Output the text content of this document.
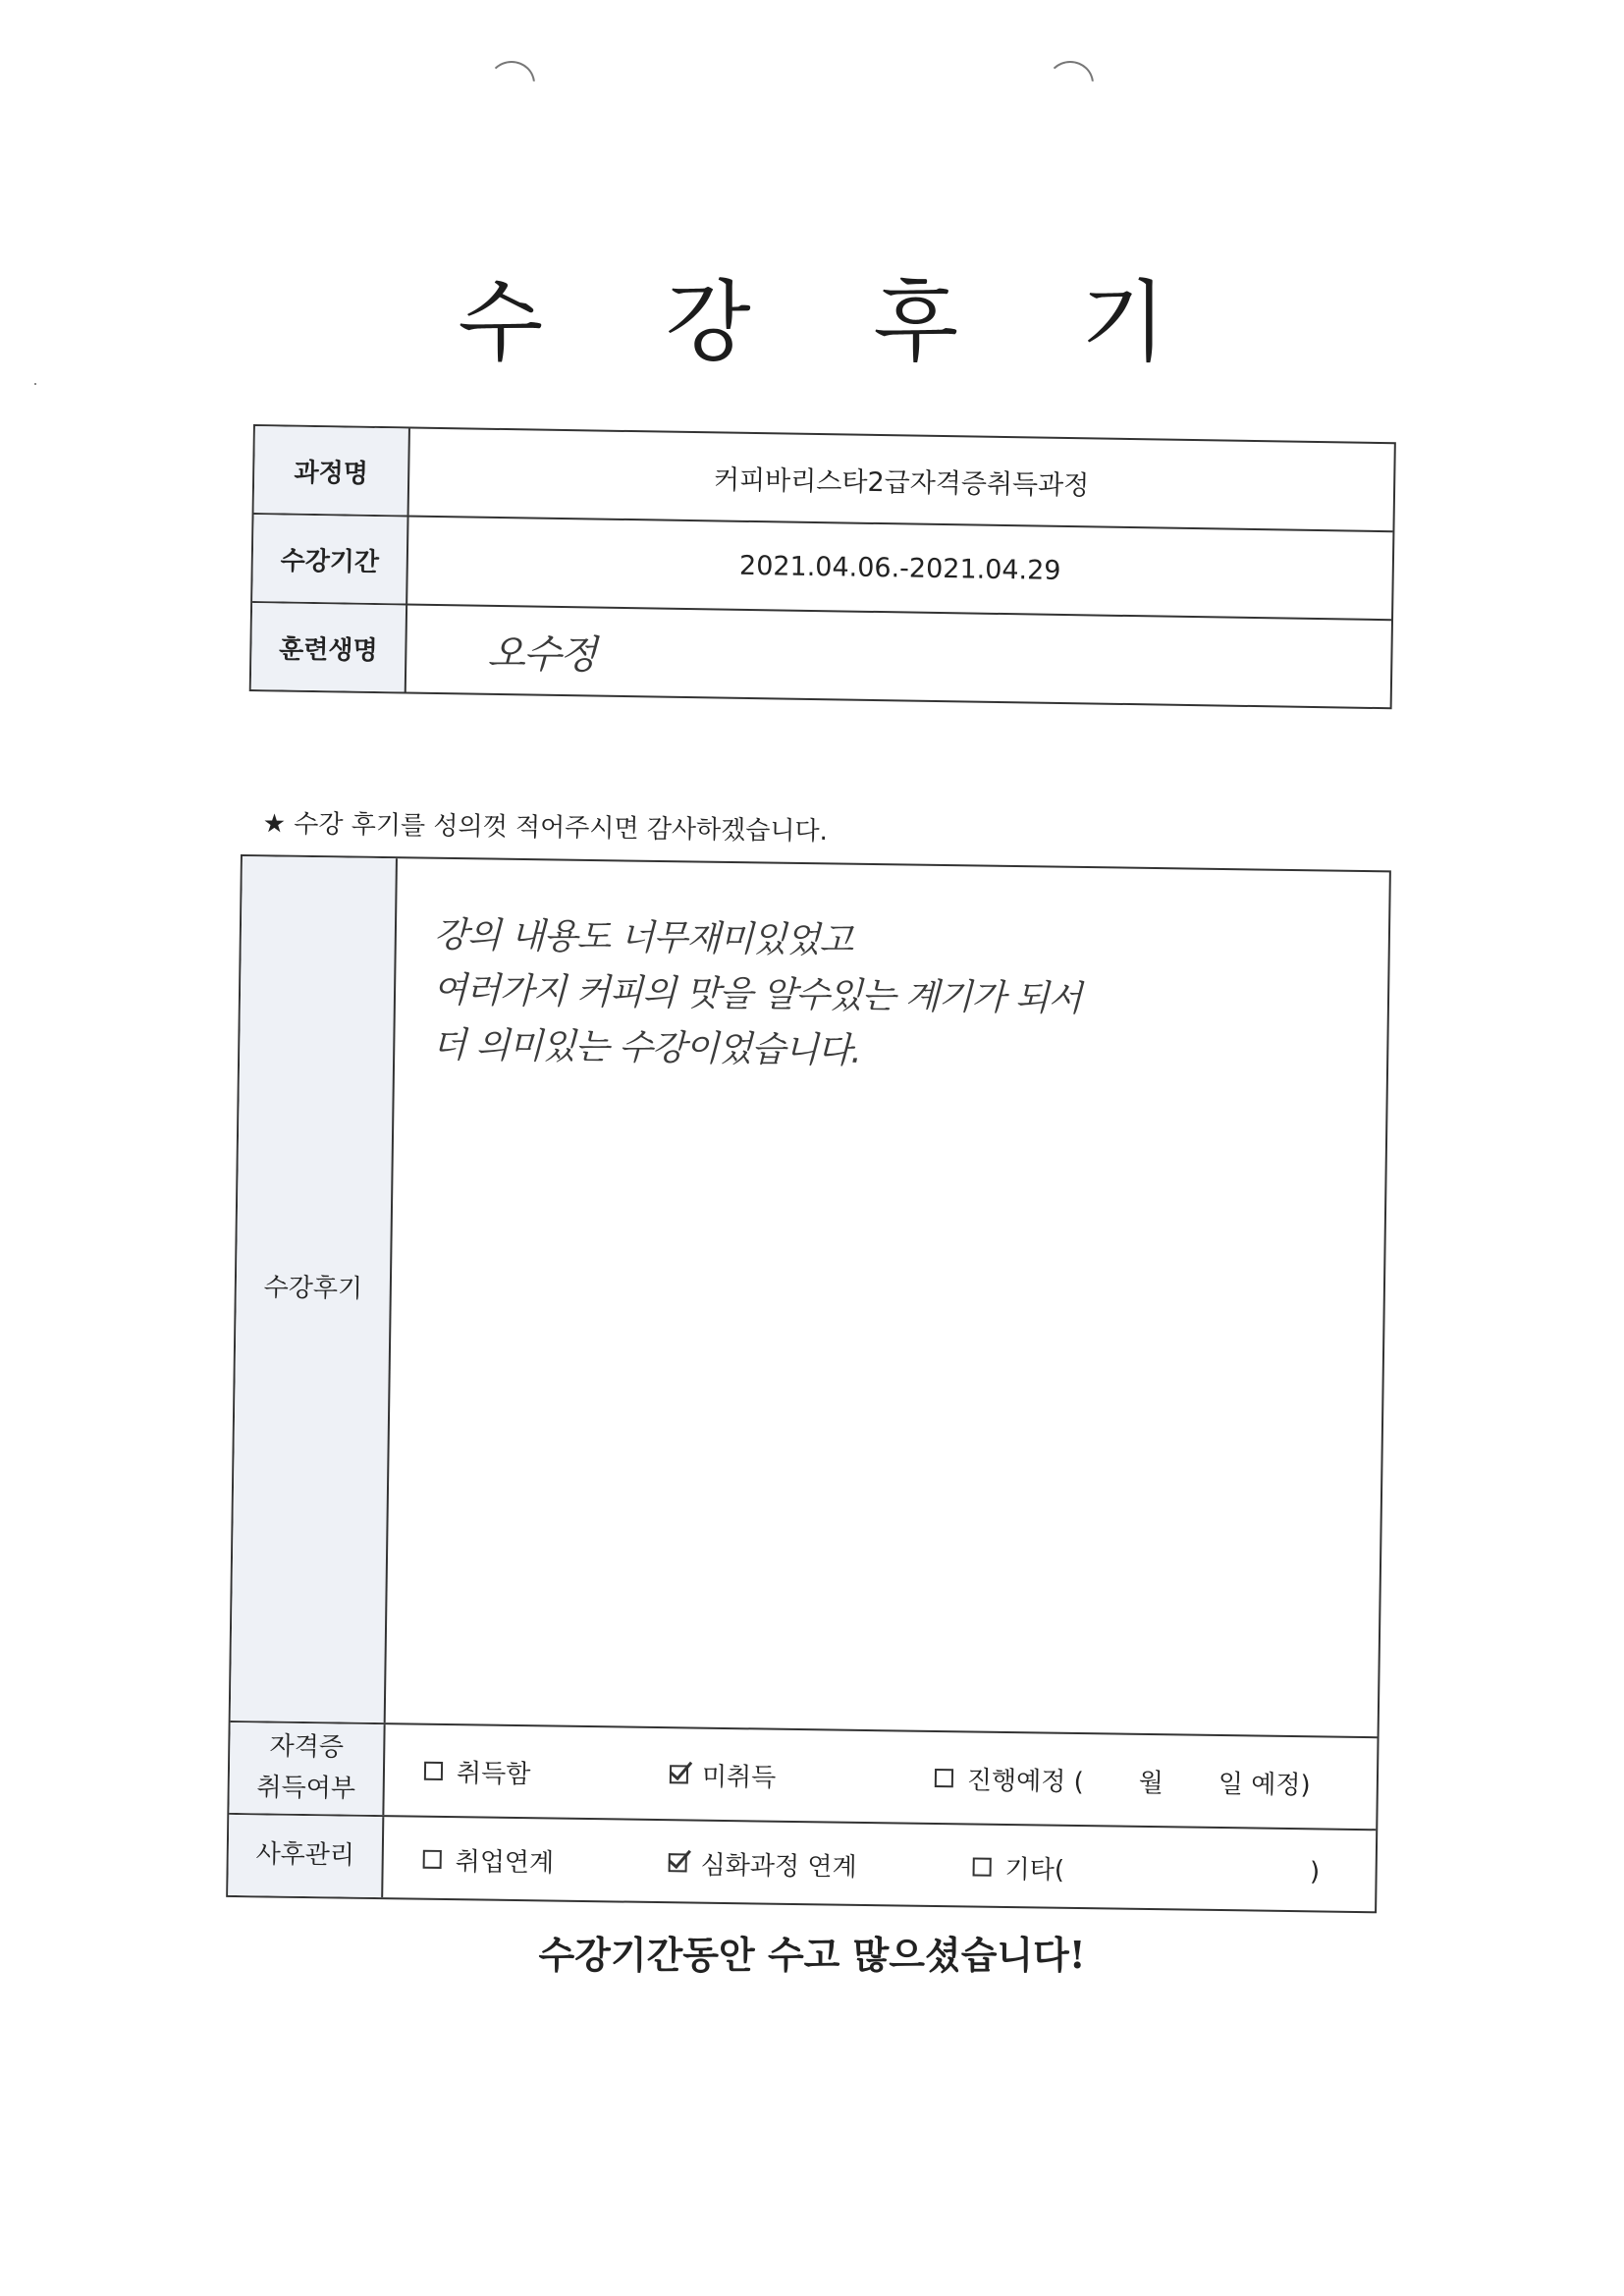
수 강 후 기
과정명	커피바리스타2급자격증취득과정
수강기간	2021.04.06.-2021.04.29
훈련생명	오수정
★ 수강 후기를 성의껏 적어주시면 감사하겠습니다.
수강후기
강의 내용도 너무재미있었고
여러가지 커피의 맛을 알수있는 계기가 되서
더 의미있는 수강이었습니다.
자격증
취득여부	취득함	미취득	진행예정 ( 월 일 예정)
사후관리	취업연계	심화과정 연계	기타(	)
수강기간동안 수고 많으셨습니다!
